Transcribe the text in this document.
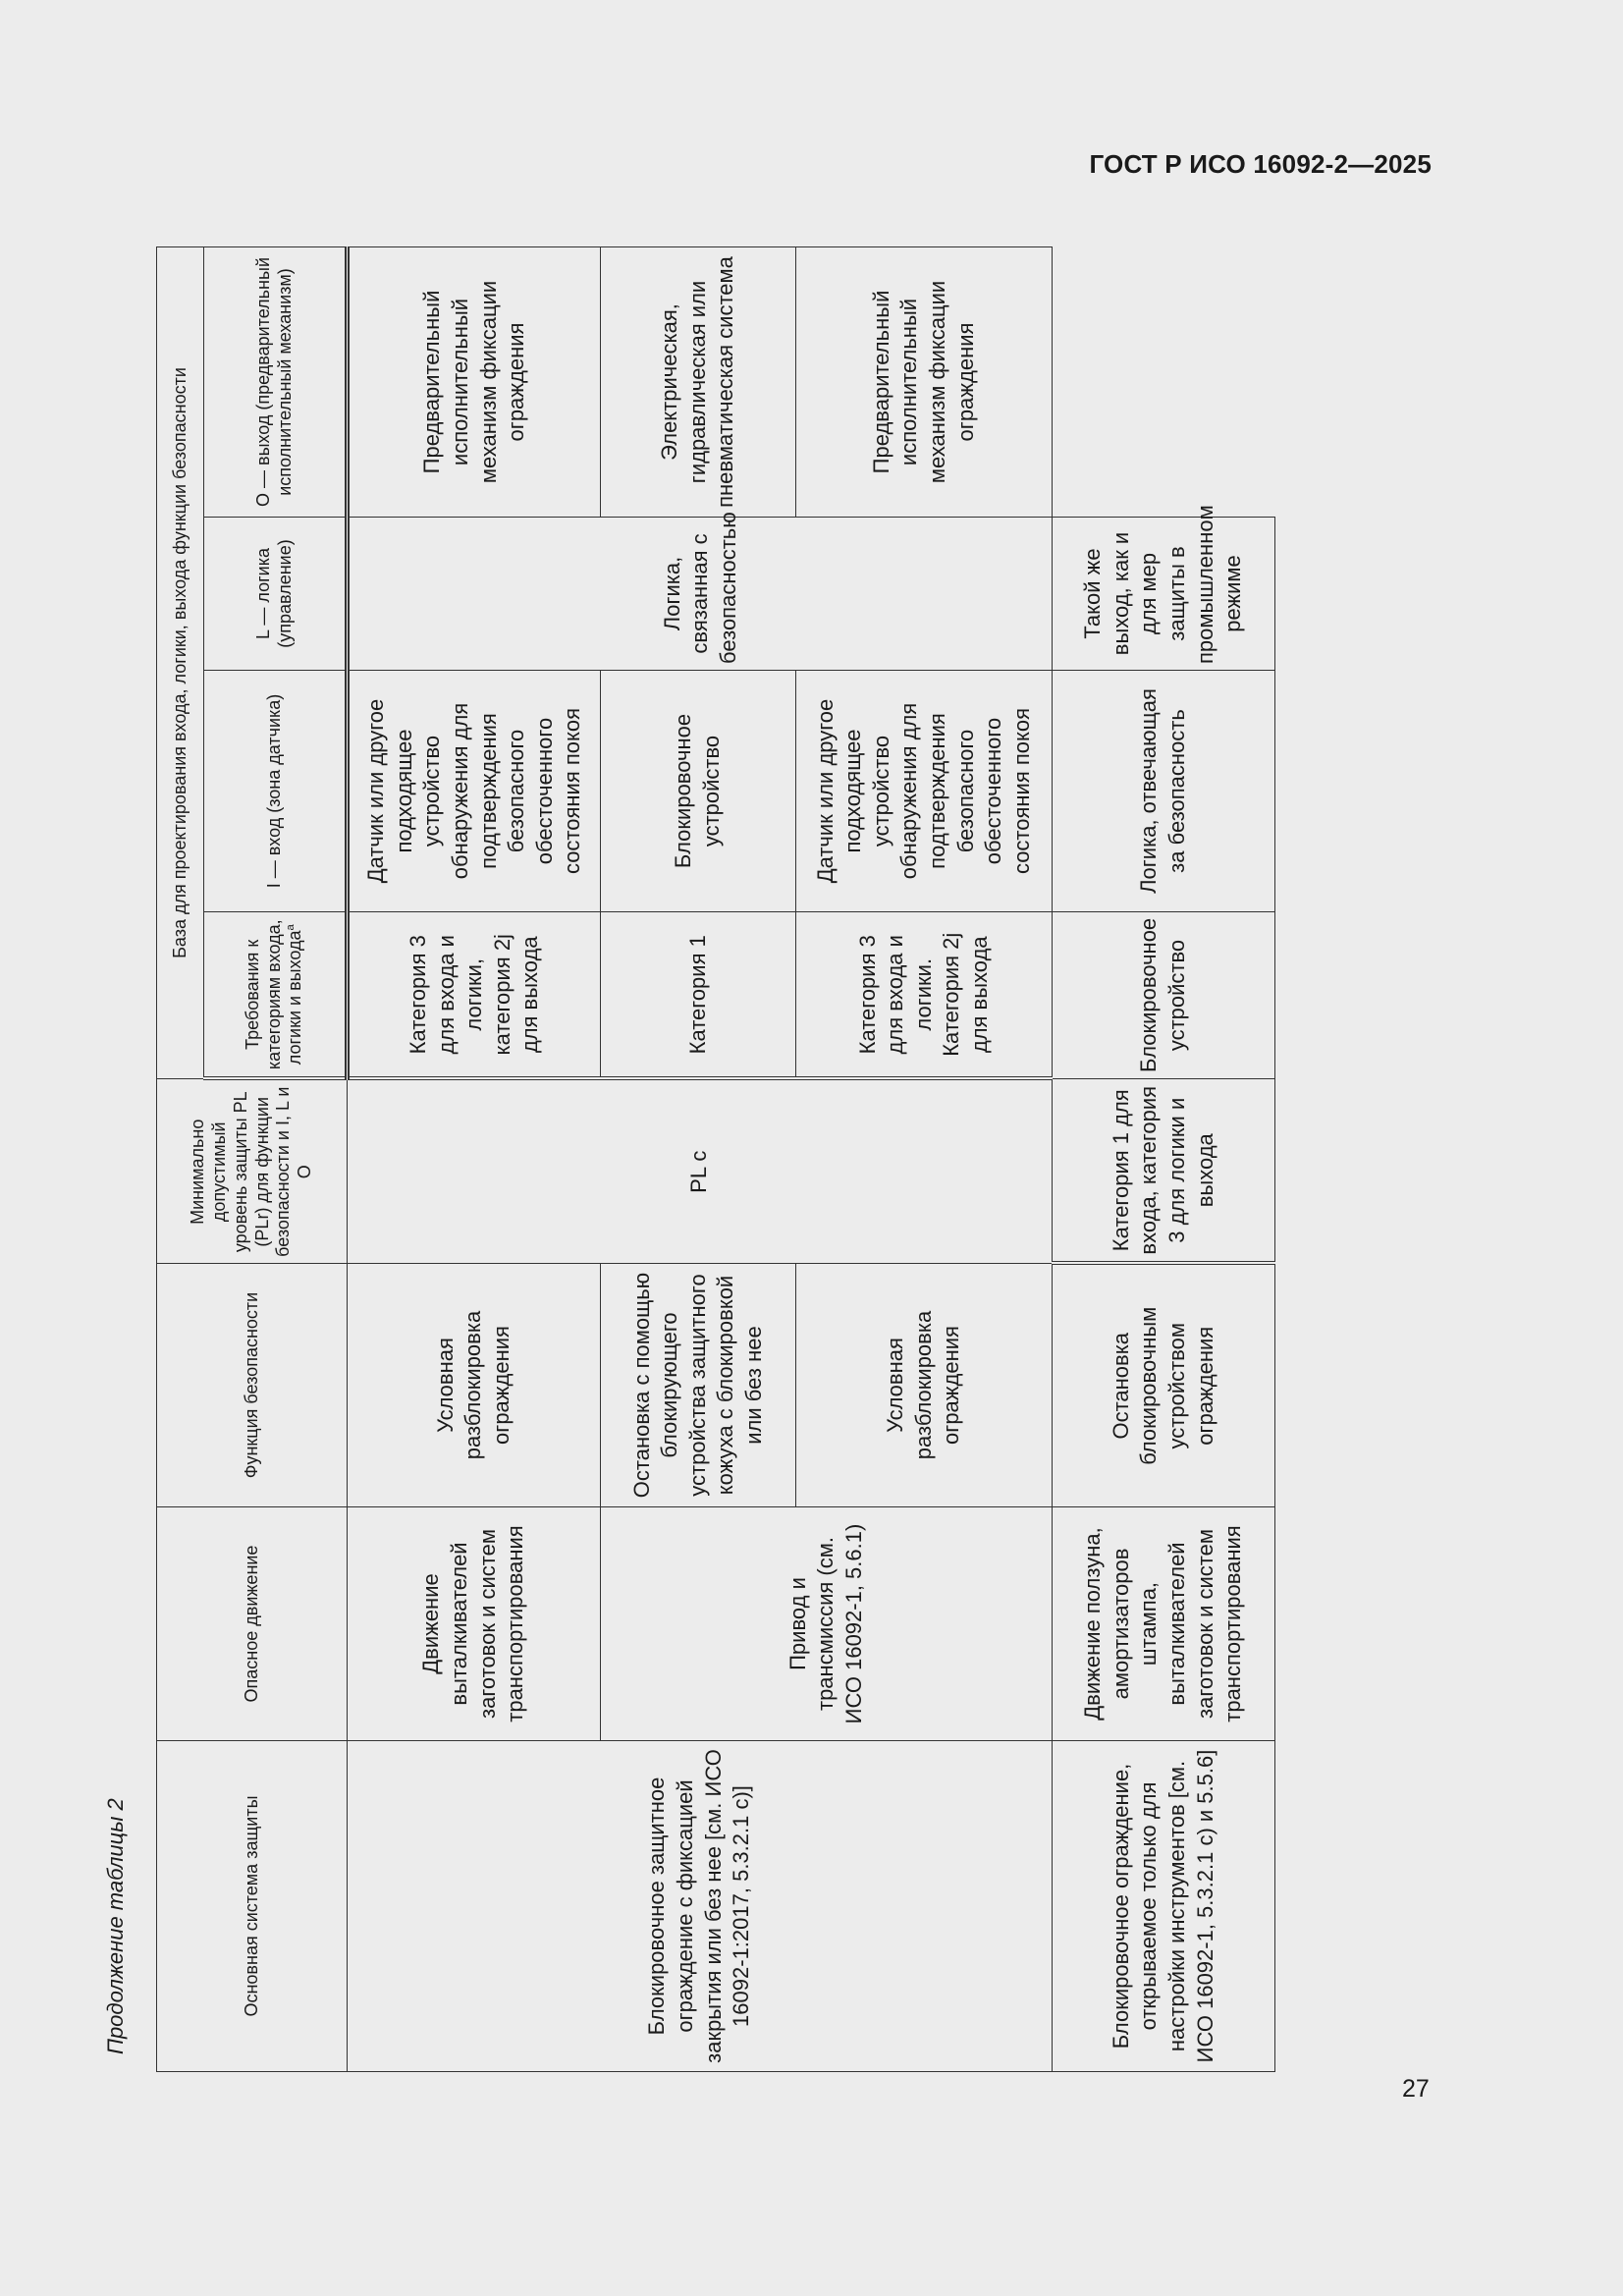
ГОСТ Р ИСО 16092-2—2025
Продолжение таблицы 2	Основная система защиты	Опасное движение	Функция безопасности	Минимально допустимый уровень защиты PL (PLr) для функции безопасности и I, L и O	База для проектирования входа, логики, выхода функции безопасности			
				Требования к категориям входа, логики и выхода$^a$	I — вход (зона датчика)	L — логика (управление)	О — выход (предварительный исполнительный механизм)
Блокировочное защитное ограждение с фиксацией закрытия или без нее [см. ИСО 16092-1:2017, 5.3.2.1 c)]	Движение выталкивателей заготовок и систем транспортирования	Условная разблокировка ограждения	PL c	Категория 3 для входа и логики, категория 2j для выхода	Датчик или другое подходящее устройство обнаружения для подтверждения безопасного обесточенного состояния покоя	Логика, связанная с безопасностью	Предварительный исполнительный механизм фиксации ограждения
	Привод и трансмиссия (см. ИСО 16092-1, 5.6.1)	Остановка с помощью блокирующего устройства защитного кожуха с блокировкой или без нее		Категория 1	Блокировочное устройство		Электрическая, гидравлическая или пневматическая система
		Условная разблокировка ограждения		Категория 3 для входа и логики. Категория 2j для выхода	Датчик или другое подходящее устройство обнаружения для подтверждения безопасного обесточенного состояния покоя		Предварительный исполнительный механизм фиксации ограждения
Блокировочное ограждение, открываемое только для настройки инструментов [см. ИСО 16092-1, 5.3.2.1 c) и 5.5.6]	Движение ползуна, амортизаторов штампа, выталкивателей заготовок и систем транспортирования	Остановка блокировочным устройством ограждения	Категория 1 для входа, категория 3 для логики и выхода	Блокировочное устройство	Логика, отвечающая за безопасность	Такой же выход, как и для мер защиты в промышленном режиме	
27
